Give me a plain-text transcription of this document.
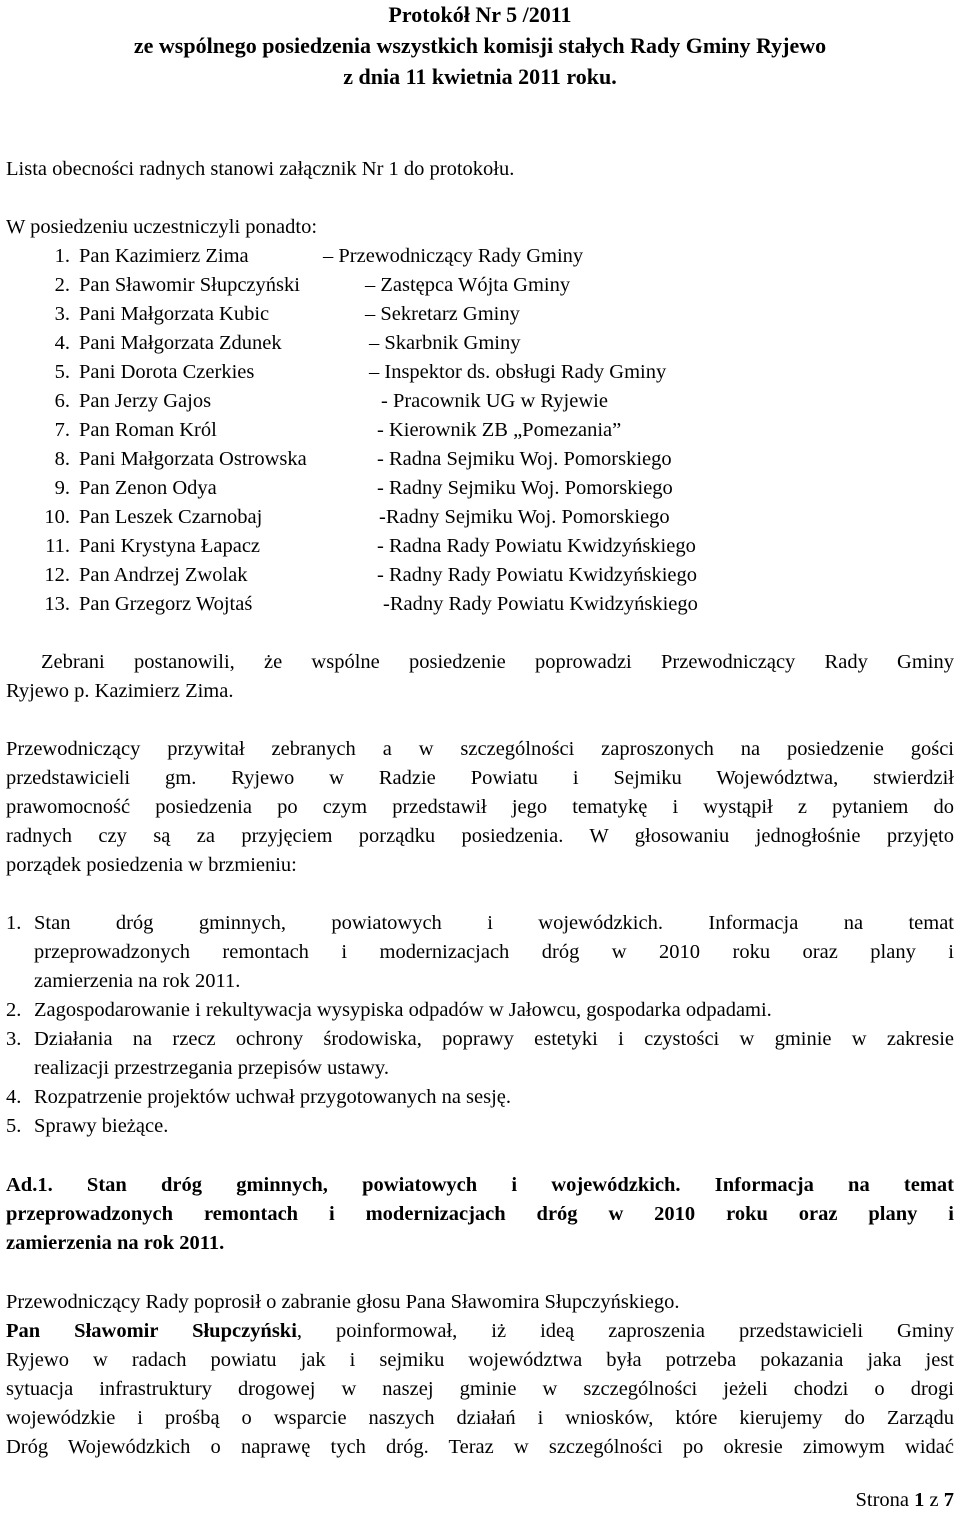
Protokół Nr 5 /2011
ze wspólnego posiedzenia wszystkich komisji stałych Rady Gminy Ryjewo
z dnia 11 kwietnia 2011 roku.
Lista obecności radnych stanowi załącznik Nr 1 do protokołu.
W posiedzeniu uczestniczyli ponadto:
1. Pan Kazimierz Zima	– Przewodniczący Rady Gminy
2. Pan Sławomir Słupczyński	– Zastępca Wójta Gminy
3. Pani Małgorzata Kubic	– Sekretarz Gminy
4. Pani Małgorzata Zdunek	– Skarbnik Gminy
5. Pani Dorota Czerkies	– Inspektor ds. obsługi Rady Gminy
6. Pan Jerzy Gajos	- Pracownik UG w Ryjewie
7. Pan Roman Król	- Kierownik ZB „Pomezania”
8. Pani Małgorzata Ostrowska	- Radna Sejmiku Woj. Pomorskiego
9. Pan Zenon Odya	- Radny Sejmiku Woj. Pomorskiego
10. Pan Leszek Czarnobaj	-Radny Sejmiku Woj. Pomorskiego
11. Pani Krystyna Łapacz	- Radna Rady Powiatu Kwidzyńskiego
12. Pan Andrzej Zwolak	- Radny Rady Powiatu Kwidzyńskiego
13. Pan Grzegorz Wojtaś	-Radny Rady Powiatu Kwidzyńskiego
Zebrani postanowili, że wspólne posiedzenie poprowadzi Przewodniczący Rady Gminy
Ryjewo p. Kazimierz Zima.
Przewodniczący przywitał zebranych a w szczególności zaproszonych na posiedzenie gości
przedstawicieli gm. Ryjewo w Radzie Powiatu i Sejmiku Województwa, stwierdził
prawomocność posiedzenia po czym przedstawił jego tematykę i wystąpił z pytaniem do
radnych czy są za przyjęciem porządku posiedzenia. W głosowaniu jednogłośnie przyjęto
porządek posiedzenia w brzmieniu:
1. Stan dróg gminnych, powiatowych i wojewódzkich. Informacja na temat
przeprowadzonych remontach i modernizacjach dróg w 2010 roku oraz plany i
zamierzenia na rok 2011.
2. Zagospodarowanie i rekultywacja wysypiska odpadów w Jałowcu, gospodarka odpadami.
3. Działania na rzecz ochrony środowiska, poprawy estetyki i czystości w gminie w zakresie
realizacji przestrzegania przepisów ustawy.
4. Rozpatrzenie projektów uchwał przygotowanych na sesję.
5. Sprawy bieżące.
Ad.1. Stan dróg gminnych, powiatowych i wojewódzkich. Informacja na temat
przeprowadzonych remontach i modernizacjach dróg w 2010 roku oraz plany i
zamierzenia na rok 2011.
Przewodniczący Rady poprosił o zabranie głosu Pana Sławomira Słupczyńskiego.
Pan Sławomir Słupczyński, poinformował, iż ideą zaproszenia przedstawicieli Gminy
Ryjewo w radach powiatu jak i sejmiku województwa była potrzeba pokazania jaka jest
sytuacja infrastruktury drogowej w naszej gminie w szczególności jeżeli chodzi o drogi
wojewódzkie i prośbą o wsparcie naszych działań i wniosków, które kierujemy do Zarządu
Dróg Wojewódzkich o naprawę tych dróg. Teraz w szczególności po okresie zimowym widać
Strona 1 z 7
